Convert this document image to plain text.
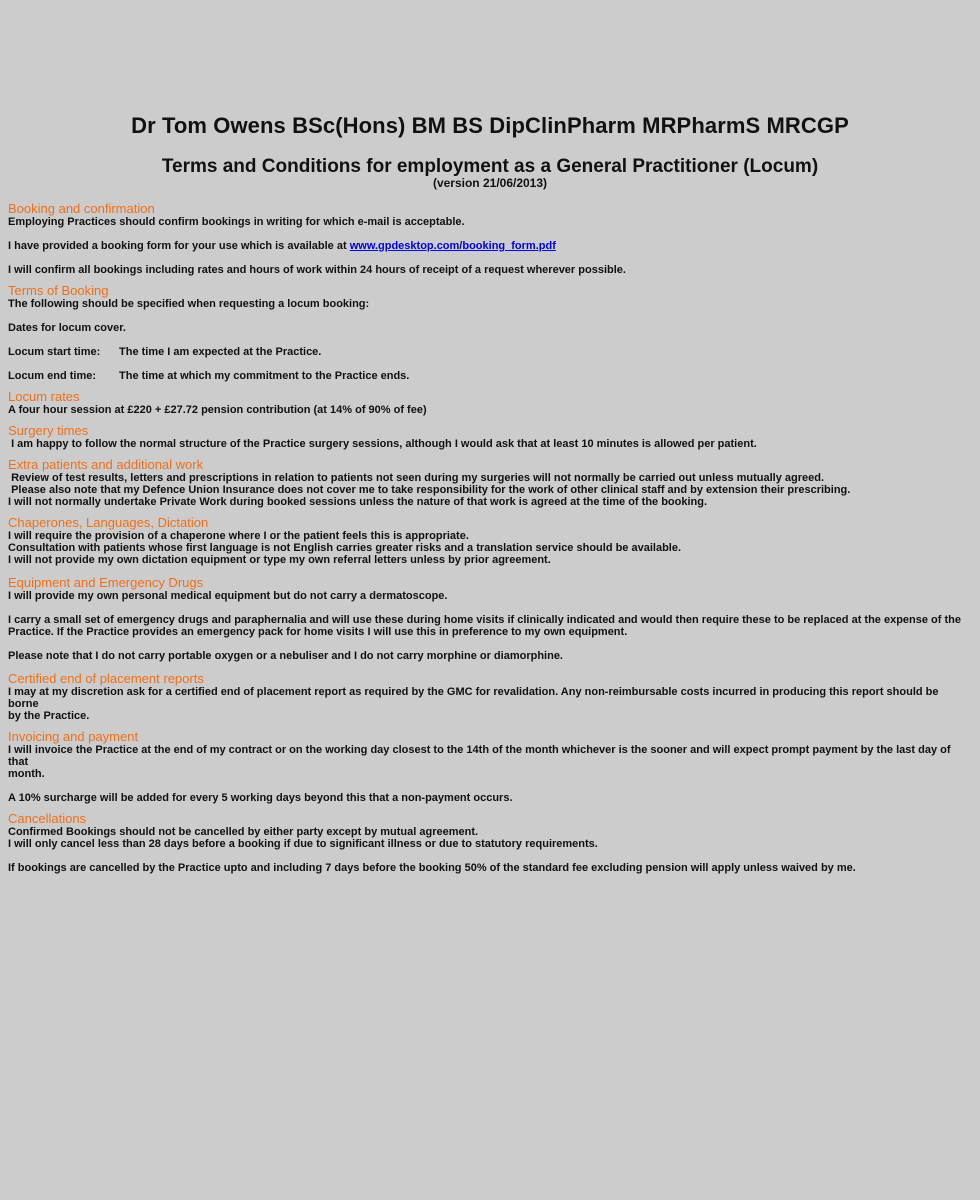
Dr Tom Owens BSc(Hons) BM BS DipClinPharm MRPharmS MRCGP
Terms and Conditions for employment as a General Practitioner (Locum)
(version 21/06/2013)
Booking and confirmation
Employing Practices should confirm bookings in writing for which e-mail is acceptable.
I have provided a booking form for your use which is available at www.gpdesktop.com/booking_form.pdf
I will confirm all bookings including rates and hours of work within 24 hours of receipt of a request wherever possible.
Terms of Booking
The following should be specified when requesting a locum booking:
Dates for locum cover.
Locum start time: The time I am expected at the Practice.
Locum end time: The time at which my commitment to the Practice ends.
Locum rates
A four hour session at £220 + £27.72 pension contribution (at 14% of 90% of fee)
Surgery times
I am happy to follow the normal structure of the Practice surgery sessions, although I would ask that at least 10 minutes is allowed per patient.
Extra patients and additional work
Review of test results, letters and prescriptions in relation to patients not seen during my surgeries will not normally be carried out unless mutually agreed.
Please also note that my Defence Union Insurance does not cover me to take responsibility for the work of other clinical staff and by extension their prescribing.
I will not normally undertake Private Work during booked sessions unless the nature of that work is agreed at the time of the booking.
Chaperones, Languages, Dictation
I will require the provision of a chaperone where I or the patient feels this is appropriate.
Consultation with patients whose first language is not English carries greater risks and a translation service should be available.
I will not provide my own dictation equipment or type my own referral letters unless by prior agreement.
Equipment and Emergency Drugs
I will provide my own personal medical equipment but do not carry a dermatoscope.
I carry a small set of emergency drugs and paraphernalia and will use these during home visits if clinically indicated and would then require these to be replaced at the expense of the
Practice. If the Practice provides an emergency pack for home visits I will use this in preference to my own equipment.
Please note that I do not carry portable oxygen or a nebuliser and I do not carry morphine or diamorphine.
Certified end of placement reports
I may at my discretion ask for a certified end of placement report as required by the GMC for revalidation. Any non-reimbursable costs incurred in producing this report should be borne
by the Practice.
Invoicing and payment
I will invoice the Practice at the end of my contract or on the working day closest to the 14th of the month whichever is the sooner and will expect prompt payment by the last day of that
month.
A 10% surcharge will be added for every 5 working days beyond this that a non-payment occurs.
Cancellations
Confirmed Bookings should not be cancelled by either party except by mutual agreement.
I will only cancel less than 28 days before a booking if due to significant illness or due to statutory requirements.
If bookings are cancelled by the Practice upto and including 7 days before the booking 50% of the standard fee excluding pension will apply unless waived by me.
